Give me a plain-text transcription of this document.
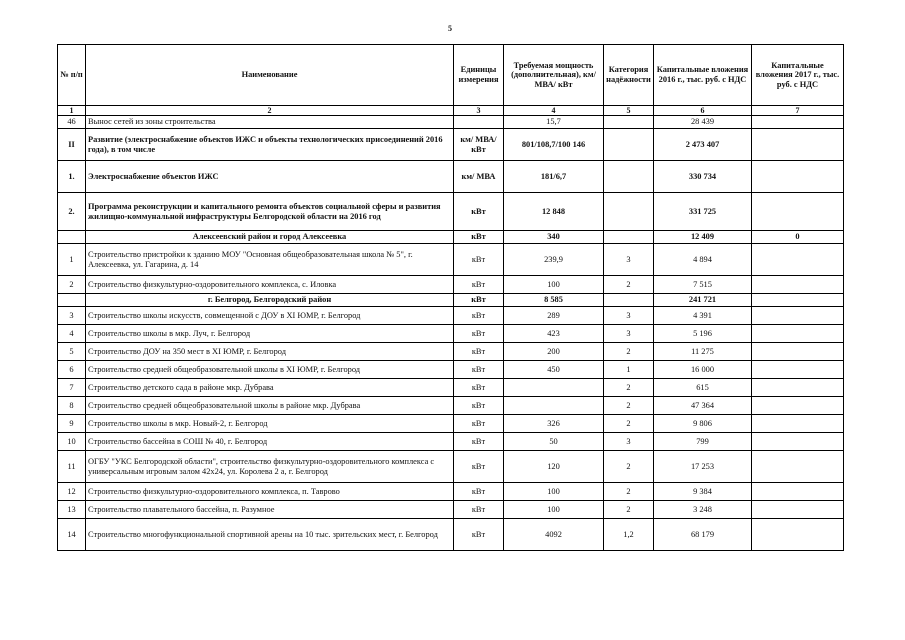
5
№ п/п	Наименование	Единицы измерения	Требуемая мощность (дополнительная), км/ МВА/ кВт	Категория надёжности	Капитальные вложения 2016 г., тыс. руб. с НДС	Капитальные вложения 2017 г., тыс. руб. с НДС
1	2	3	4	5	6	7
46	Вынос сетей из зоны строительства		15,7		28 439	
II	Развитие (электроснабжение объектов ИЖС и объекты технологических присоединений 2016 года), в том числе	км/ МВА/ кВт	801/108,7/100 146		2 473 407	
1.	Электроснабжение объектов ИЖС	км/ МВА	181/6,7		330 734	
2.	Программа реконструкции и капитального ремонта объектов социальной сферы и развития жилищно-коммунальной инфраструктуры Белгородской области на 2016 год	кВт	12 848		331 725	
	Алексеевский район и город Алексеевка	кВт	340		12 409	0
1	Строительство пристройки к зданию МОУ "Основная общеобразовательная школа № 5", г. Алексеевка, ул. Гагарина, д. 14	кВт	239,9	3	4 894	
2	Строительство физкультурно-оздоровительного комплекса, с. Иловка	кВт	100	2	7 515	
	г. Белгород, Белгородский район	кВт	8 585		241 721	
3	Строительство школы искусств, совмещенной с ДОУ в XI ЮМР, г. Белгород	кВт	289	3	4 391	
4	Строительство школы в мкр. Луч, г. Белгород	кВт	423	3	5 196	
5	Строительство ДОУ на 350 мест в XI ЮМР, г. Белгород	кВт	200	2	11 275	
6	Строительство средней общеобразовательной школы в XI ЮМР, г. Белгород	кВт	450	1	16 000	
7	Строительство детского сада в районе мкр. Дубрава	кВт		2	615	
8	Строительство средней общеобразовательной школы в районе мкр. Дубрава	кВт		2	47 364	
9	Строительство школы в мкр. Новый-2, г. Белгород	кВт	326	2	9 806	
10	Строительство бассейна в СОШ № 40, г. Белгород	кВт	50	3	799	
11	ОГБУ "УКС Белгородской области", строительство физкультурно-оздоровительного комплекса с универсальным игровым залом 42х24, ул. Королева 2 а, г. Белгород	кВт	120	2	17 253	
12	Строительство физкультурно-оздоровительного комплекса, п. Таврово	кВт	100	2	9 384	
13	Строительство плавательного бассейна, п. Разумное	кВт	100	2	3 248	
14	Строительство многофункциональной спортивной арены на 10 тыс. зрительских мест, г. Белгород	кВт	4092	1,2	68 179	
